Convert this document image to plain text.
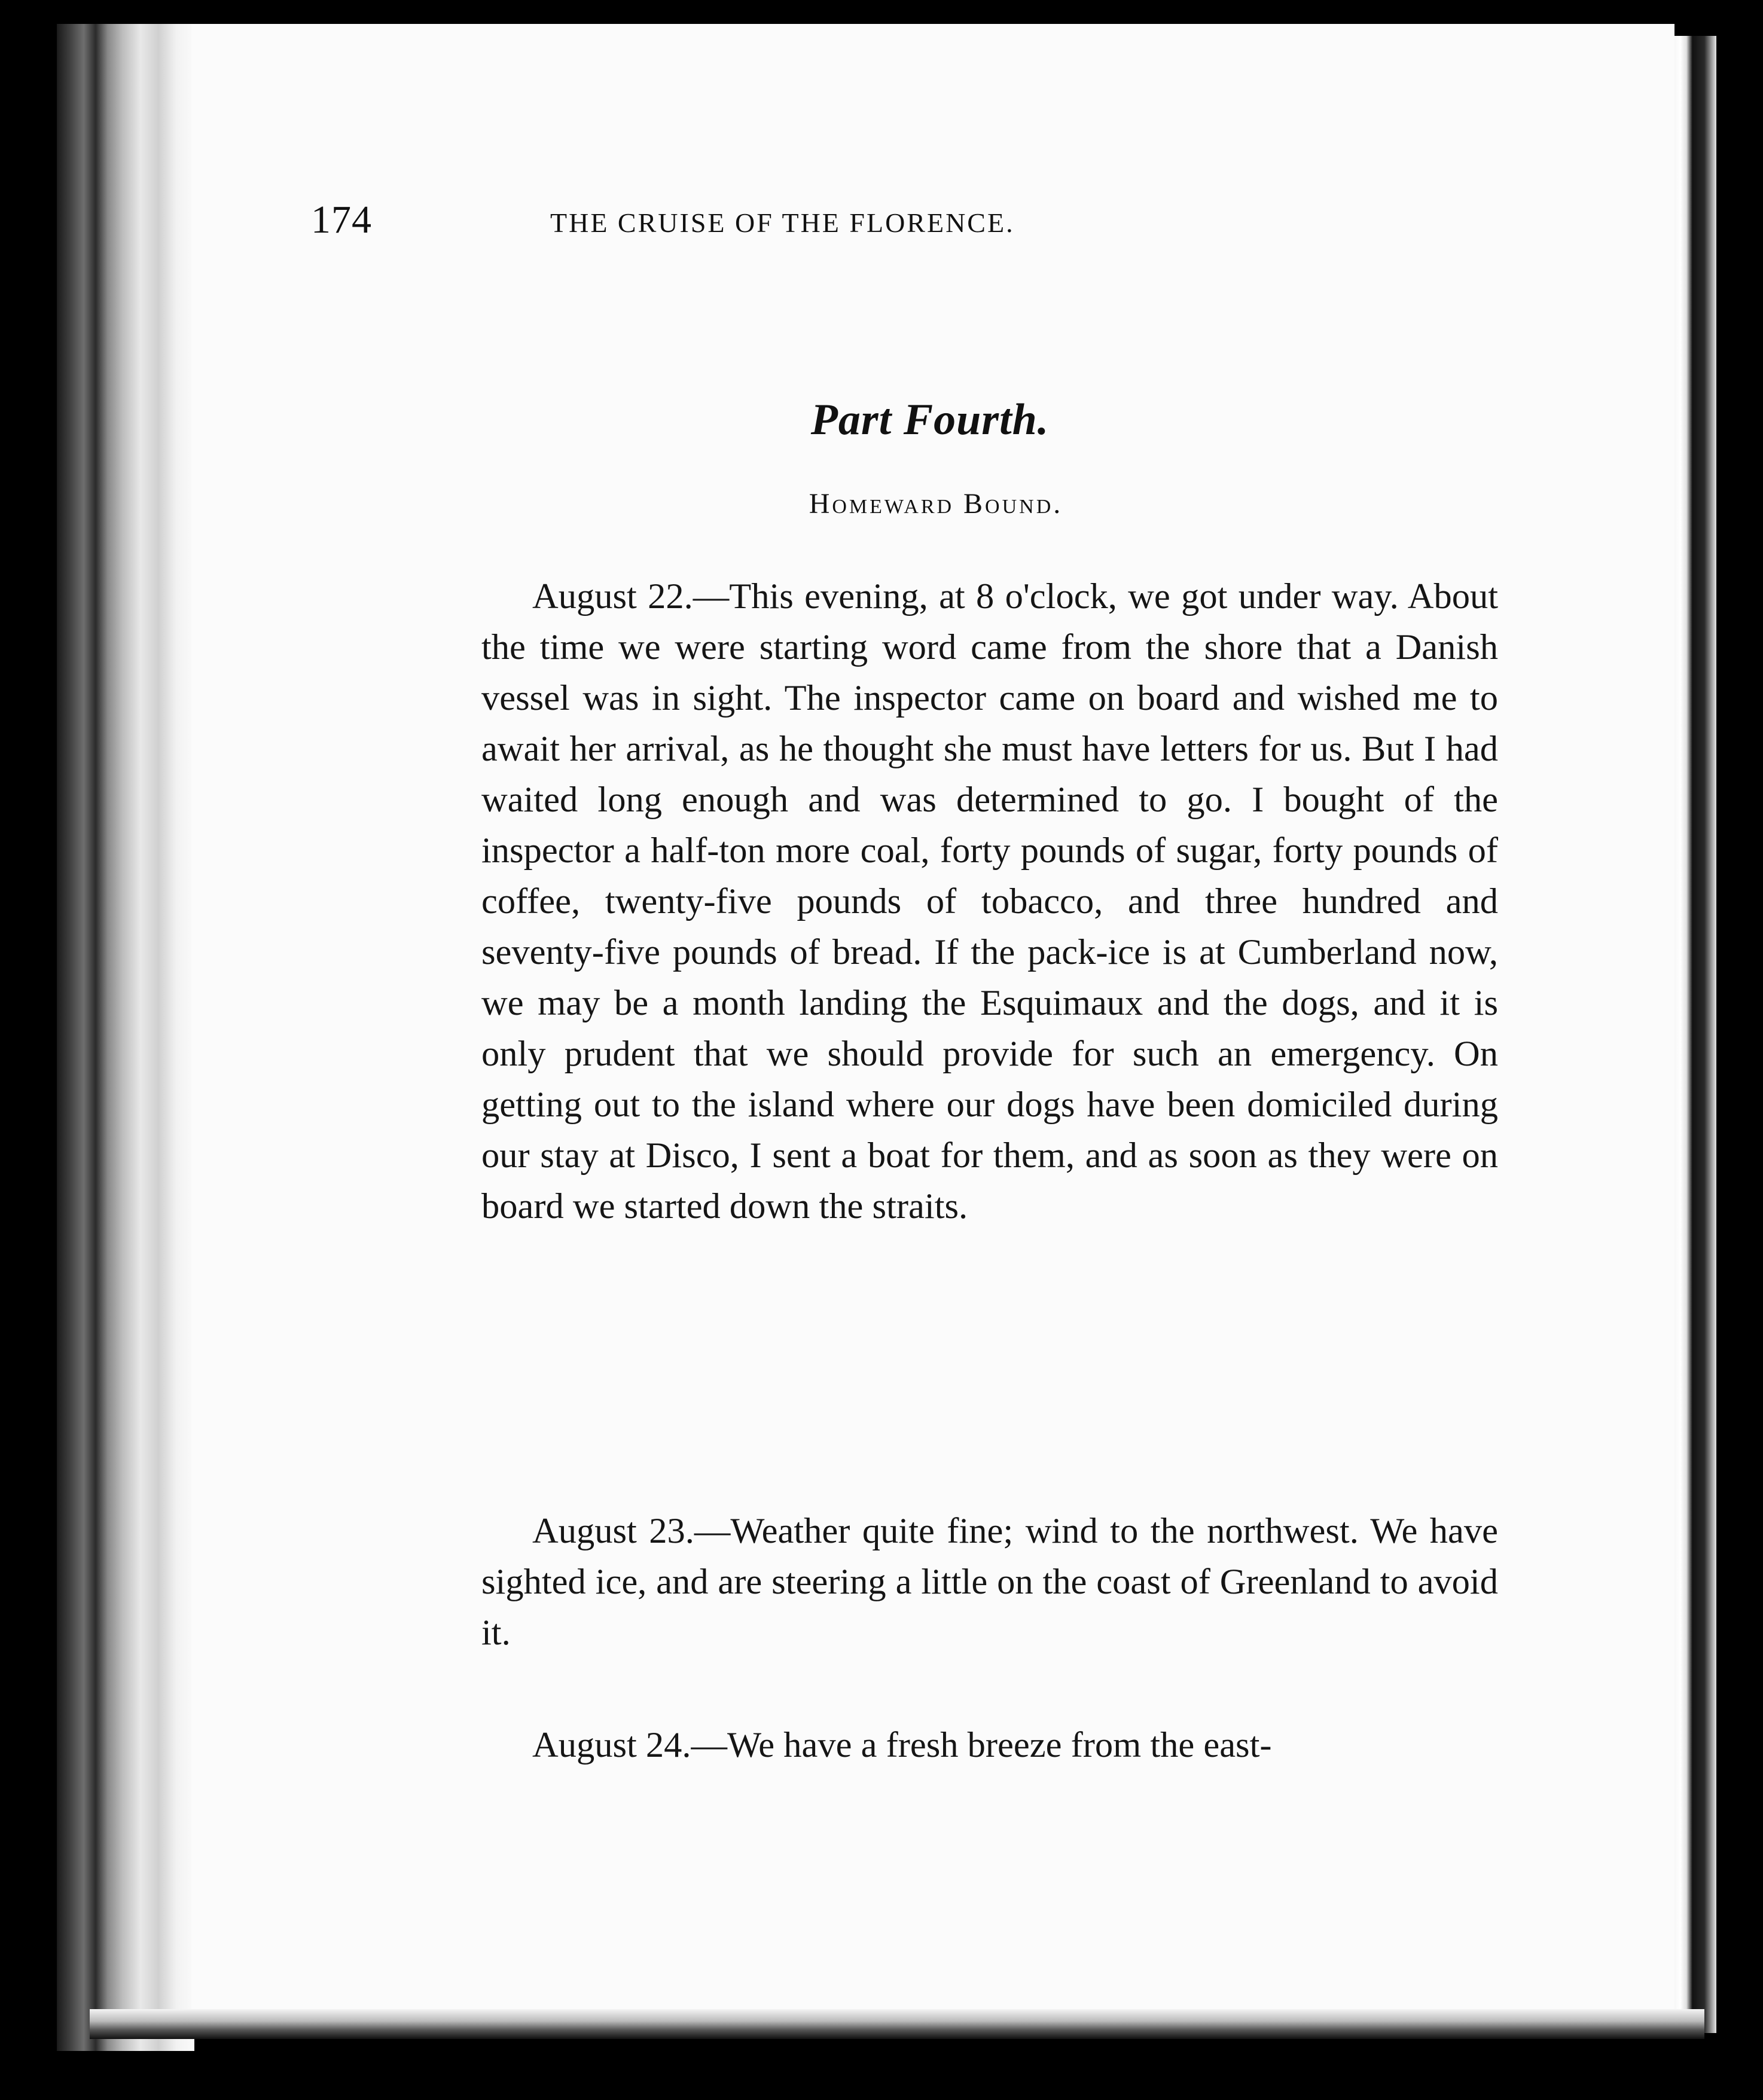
174	THE CRUISE OF THE FLORENCE.
Part Fourth.
Homeward Bound.

August 22.—This evening, at 8 o'clock, we got under way. About the time we were starting word came from the shore that a Danish vessel was in sight. The inspector came on board and wished me to await her arrival, as he thought she must have letters for us. But I had waited long enough and was determined to go. I bought of the inspector a half-ton more coal, forty pounds of sugar, forty pounds of coffee, twenty-five pounds of tobacco, and three hundred and seventy-five pounds of bread. If the pack-ice is at Cumberland now, we may be a month landing the Esquimaux and the dogs, and it is only prudent that we should provide for such an emergency. On getting out to the island where our dogs have been domiciled during our stay at Disco, I sent a boat for them, and as soon as they were on board we started down the straits.

August 23.—Weather quite fine; wind to the northwest. We have sighted ice, and are steering a little on the coast of Greenland to avoid it.

August 24.—We have a fresh breeze from the east-
